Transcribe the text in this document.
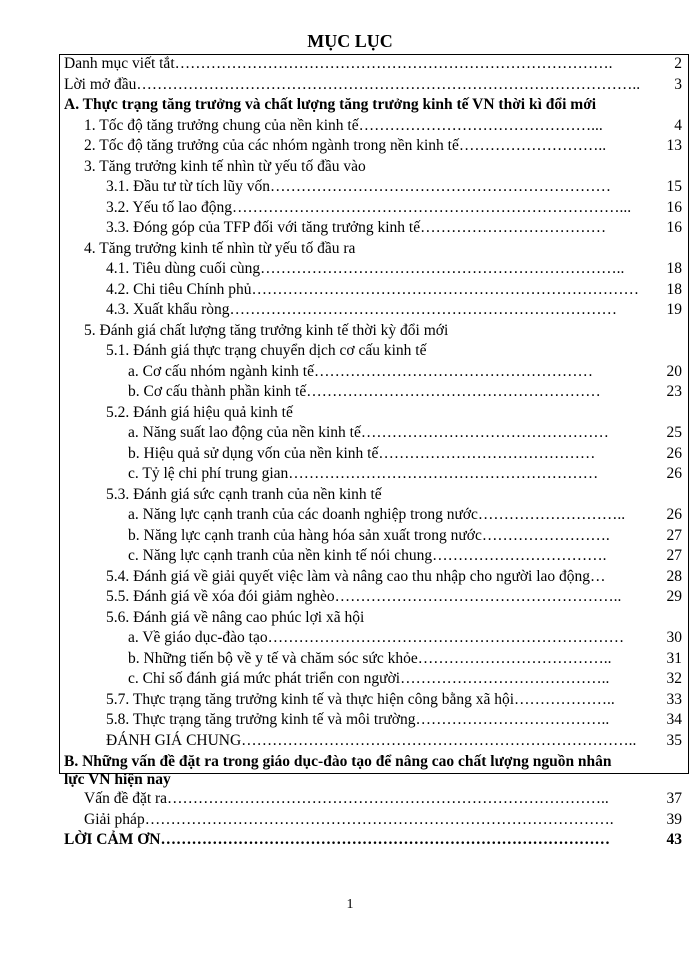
MỤC LỤC
Danh mục viết tắt………………………………………………………………………….	2
Lời mở đầu…………………………………………………………………………………….. 3
A. Thực trạng tăng trưởng và chất lượng tăng trưởng kinh tế VN thời kì đổi mới
1. Tốc độ tăng trưởng chung của nền kinh tế………………………………………...	4
2. Tốc độ tăng trưởng của các nhóm ngành trong nền kinh tế………………………..	13
3. Tăng trưởng kinh tế nhìn từ yếu tố đầu vào
3.1. Đầu tư từ tích lũy vốn…………………………………………………………	15
3.2. Yếu tố lao động…………………………………………………………………... 16
3.3. Đóng góp của TFP đối với tăng trưởng kinh tế………………………………	16
4. Tăng trưởng kinh tế nhìn từ yếu tố đầu ra
4.1. Tiêu dùng cuối cùng……………………………………………………………..	18
4.2. Chi tiêu Chính phủ………………………………………………………………… 18
4.3. Xuất khẩu ròng…………………………………………………………………	19
5. Đánh giá chất lượng tăng trưởng kinh tế thời kỳ đổi mới
5.1. Đánh giá thực trạng chuyển dịch cơ cấu kinh tế
a. Cơ cấu nhóm ngành kinh tế………………………………………………	20
b. Cơ cấu thành phần kinh tế…………………………………………………	23
5.2. Đánh giá hiệu quả kinh tế
a. Năng suất lao động của nền kinh tế…………………………………………	25
b. Hiệu quả sử dụng vốn của nền kinh tế……………………………………	26
c. Tỷ lệ chi phí trung gian……………………………………………………	26
5.3. Đánh giá sức cạnh tranh của nền kinh tế
a. Năng lực cạnh tranh của các doanh nghiệp trong nước………………………..	26
b. Năng lực cạnh tranh của hàng hóa sản xuất trong nước…………………….	27
c. Năng lực cạnh tranh của nền kinh tế nói chung…………………………….	27
5.4. Đánh giá về giải quyết việc làm và nâng cao thu nhập cho người lao động…	28
5.5. Đánh giá về xóa đói giảm nghèo………………………………………………..	29
5.6. Đánh giá về nâng cao phúc lợi xã hội
a. Về giáo dục-đào tạo……………………………………………………………	30
b. Những tiến bộ về y tế và chăm sóc sức khỏe………………………………..	31
c. Chỉ số đánh giá mức phát triển con người…………………………………..	32
5.7. Thực trạng tăng trưởng kinh tế và thực hiện công bằng xã hội………………..	33
5.8. Thực trạng tăng trưởng kinh tế và môi trường………………………………..	34
ĐÁNH GIÁ CHUNG………………………………………………………………….. 35
B. Những vấn đề đặt ra trong giáo dục-đào tạo để nâng cao chất lượng nguồn nhân
lực VN hiện nay
Vấn đề đặt ra…………………………………………………………………………..	37
Giải pháp……………………………………………………………………………….	39
LỜI CẢM ƠN……………………………………………………………………………	43
1
